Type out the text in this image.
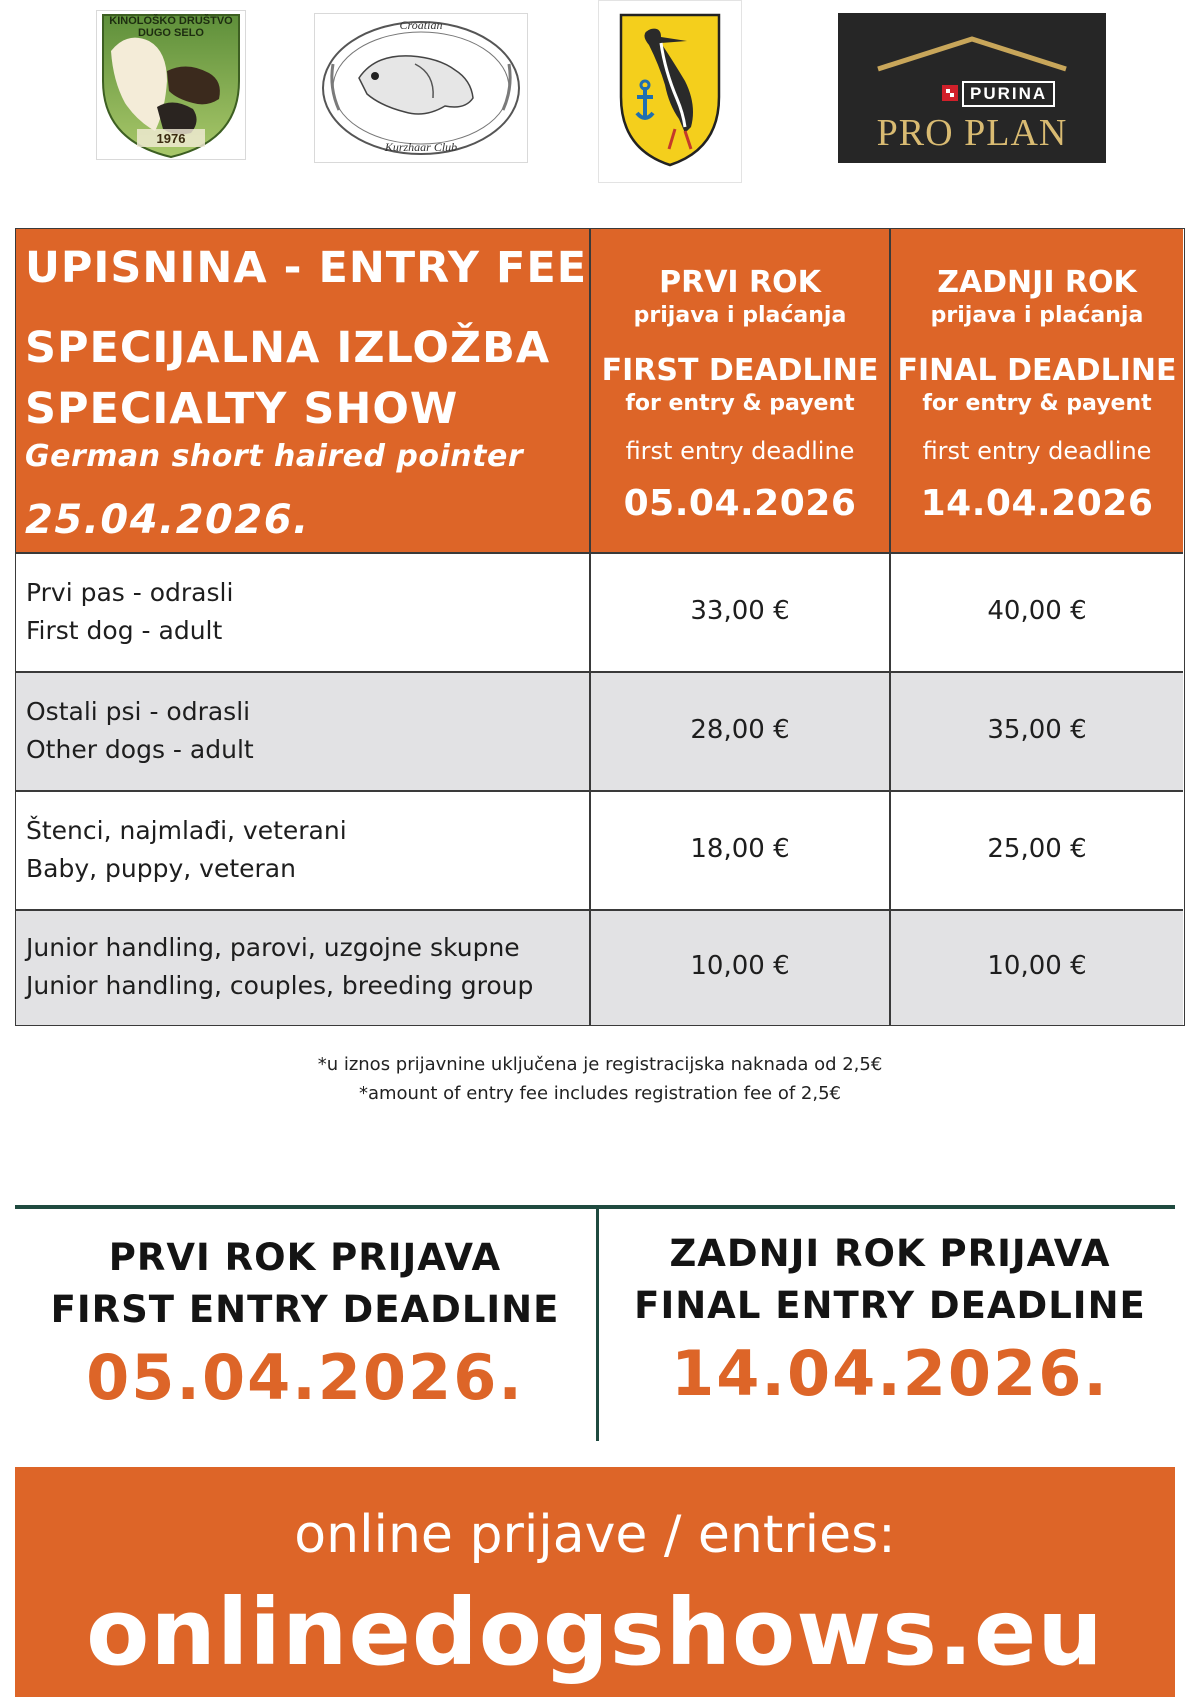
KINOLOŠKO DRUŠTVO
DUGO SELO
1976
Croatian
Kurzhaar Club
PURINA
PRO PLAN
UPISNINA - ENTRY FEE
SPECIJALNA IZLOŽBA
SPECIALTY SHOW
German short haired pointer
25.04.2026.
PRVI ROK
prijava i plaćanja
FIRST DEADLINE
for entry & payent
first entry deadline
05.04.2026
ZADNJI ROK
prijava i plaćanja
FINAL DEADLINE
for entry & payent
first entry deadline
14.04.2026
Prvi pas - odrasli
First dog - adult
33,00 €	40,00 €
Ostali psi - odrasli
Other dogs - adult
28,00 €	35,00 €
Štenci, najmlađi, veterani
Baby, puppy, veteran
18,00 €	25,00 €
Junior handling, parovi, uzgojne skupne
Junior handling, couples, breeding group
10,00 €	10,00 €
*u iznos prijavnine uključena je registracijska naknada od 2,5€
*amount of entry fee includes registration fee of 2,5€
PRVI ROK PRIJAVA
FIRST ENTRY DEADLINE
05.04.2026.
ZADNJI ROK PRIJAVA
FINAL ENTRY DEADLINE
14.04.2026.
online prijave / entries:
onlinedogshows.eu
